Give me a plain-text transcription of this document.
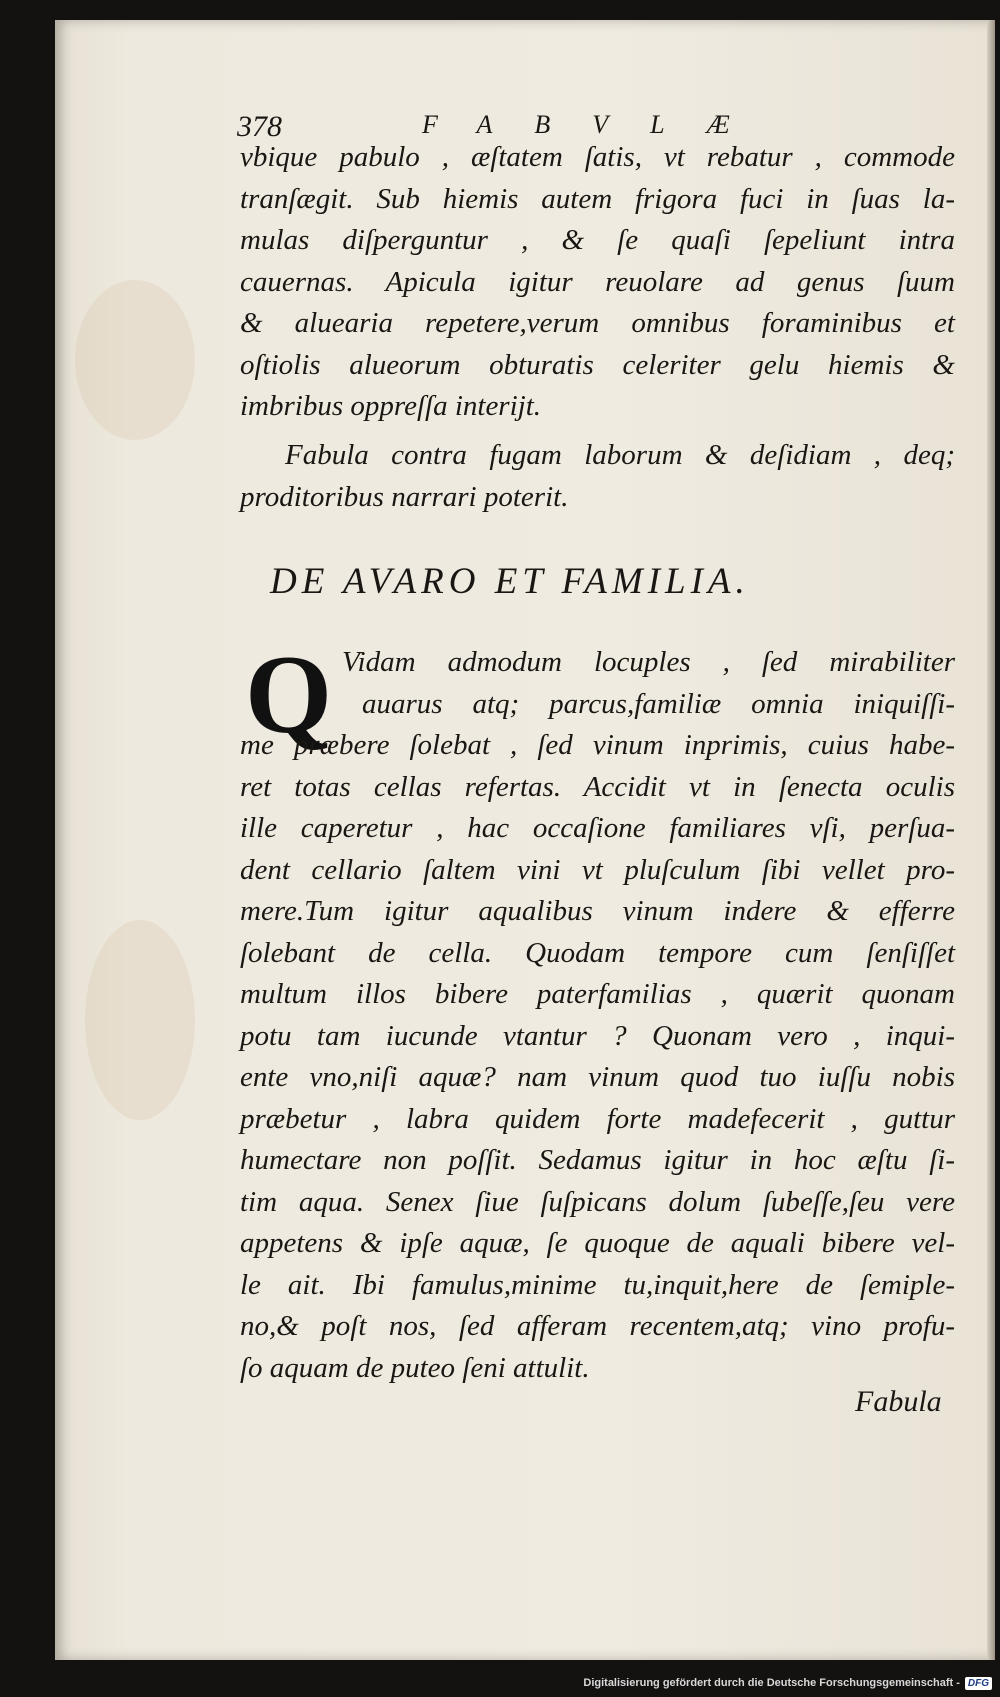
378	FABVLÆ
vbique pabulo , æſtatem ſatis, vt rebatur , commode
tranſægit. Sub hiemis autem frigora fuci in ſuas la-
mulas diſperguntur , & ſe quaſi ſepeliunt intra
cauernas. Apicula igitur reuolare ad genus ſuum
& aluearia repetere,verum omnibus foraminibus et
oſtiolis alueorum obturatis celeriter gelu hiemis &
imbribus oppreſſa interijt.
Fabula contra fugam laborum & deſidiam , deq;
proditoribus narrari poterit.
DE AVARO ET FAMILIA.
Q Vidam admodum locuples , ſed mirabiliter
auarus atq; parcus,familiæ omnia iniquiſſi-
me præbere ſolebat , ſed vinum inprimis, cuius habe-
ret totas cellas refertas. Accidit vt in ſenecta oculis
ille caperetur , hac occaſione familiares vſi, perſua-
dent cellario ſaltem vini vt pluſculum ſibi vellet pro-
mere.Tum igitur aqualibus vinum indere & efferre
ſolebant de cella. Quodam tempore cum ſenſiſſet
multum illos bibere paterfamilias , quærit quonam
potu tam iucunde vtantur ? Quonam vero , inqui-
ente vno,niſi aquæ? nam vinum quod tuo iuſſu nobis
præbetur , labra quidem forte madefecerit , guttur
humectare non poſſit. Sedamus igitur in hoc æſtu ſi-
tim aqua. Senex ſiue ſuſpicans dolum ſubeſſe,ſeu vere
appetens & ipſe aquæ, ſe quoque de aquali bibere vel-
le ait. Ibi famulus,minime tu,inquit,here de ſemiple-
no,& poſt nos, ſed afferam recentem,atq; vino profu-
ſo aquam de puteo ſeni attulit.
Fabula
Digitalisierung gefördert durch die Deutsche Forschungsgemeinschaft - DFG
